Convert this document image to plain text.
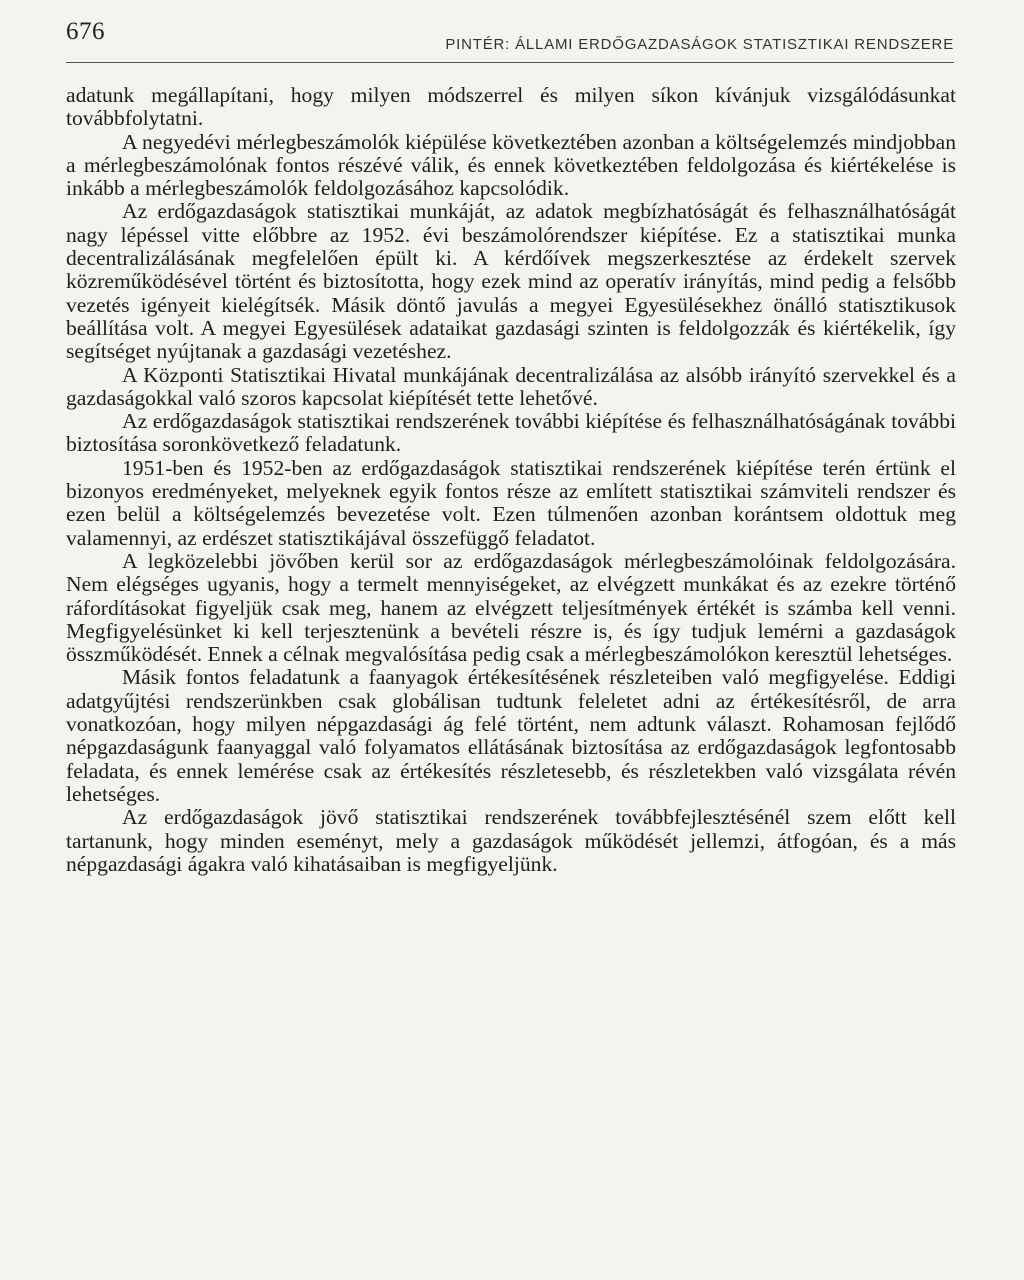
676	PINTÉR: ÁLLAMI ERDŐGAZDASÁGOK STATISZTIKAI RENDSZERE

adatunk megállapítani, hogy milyen módszerrel és milyen síkon kívánjuk vizsgálódásunkat továbbfolytatni.

A negyedévi mérlegbeszámolók kiépülése következtében azonban a költségelemzés mindjobban a mérlegbeszámolónak fontos részévé válik, és ennek következtében feldolgozása és kiértékelése is inkább a mérlegbeszámolók feldolgozásához kapcsolódik.

Az erdőgazdaságok statisztikai munkáját, az adatok megbízhatóságát és felhasználhatóságát nagy lépéssel vitte előbbre az 1952. évi beszámolórendszer kiépítése. Ez a statisztikai munka decentralizálásának megfelelően épült ki. A kérdőívek megszerkesztése az érdekelt szervek közreműködésével történt és biztosította, hogy ezek mind az operatív irányítás, mind pedig a felsőbb vezetés igényeit kielégítsék. Másik döntő javulás a megyei Egyesülésekhez önálló statisztikusok beállítása volt. A megyei Egyesülések adataikat gazdasági szinten is feldolgozzák és kiértékelik, így segítséget nyújtanak a gazdasági vezetéshez.

A Központi Statisztikai Hivatal munkájának decentralizálása az alsóbb irányító szervekkel és a gazdaságokkal való szoros kapcsolat kiépítését tette lehetővé.

Az erdőgazdaságok statisztikai rendszerének további kiépítése és felhasználhatóságának további biztosítása soronkövetkező feladatunk.

1951-ben és 1952-ben az erdőgazdaságok statisztikai rendszerének kiépítése terén értünk el bizonyos eredményeket, melyeknek egyik fontos része az említett statisztikai számviteli rendszer és ezen belül a költségelemzés bevezetése volt. Ezen túlmenően azonban korántsem oldottuk meg valamennyi, az erdészet statisztikájával összefüggő feladatot.

A legközelebbi jövőben kerül sor az erdőgazdaságok mérlegbeszámolóinak feldolgozására. Nem elégséges ugyanis, hogy a termelt mennyiségeket, az elvégzett munkákat és az ezekre történő ráfordításokat figyeljük csak meg, hanem az elvégzett teljesítmények értékét is számba kell venni. Megfigyelésünket ki kell terjesztenünk a bevételi részre is, és így tudjuk lemérni a gazdaságok összműködését. Ennek a célnak megvalósítása pedig csak a mérlegbeszámolókon keresztül lehetséges.

Másik fontos feladatunk a faanyagok értékesítésének részleteiben való megfigyelése. Eddigi adatgyűjtési rendszerünkben csak globálisan tudtunk feleletet adni az értékesítésről, de arra vonatkozóan, hogy milyen népgazdasági ág felé történt, nem adtunk választ. Rohamosan fejlődő népgazdaságunk faanyaggal való folyamatos ellátásának biztosítása az erdőgazdaságok legfontosabb feladata, és ennek lemérése csak az értékesítés részletesebb, és részletekben való vizsgálata révén lehetséges.

Az erdőgazdaságok jövő statisztikai rendszerének továbbfejlesztésénél szem előtt kell tartanunk, hogy minden eseményt, mely a gazdaságok működését jellemzi, átfogóan, és a más népgazdasági ágakra való kihatásaiban is megfigyeljünk.
